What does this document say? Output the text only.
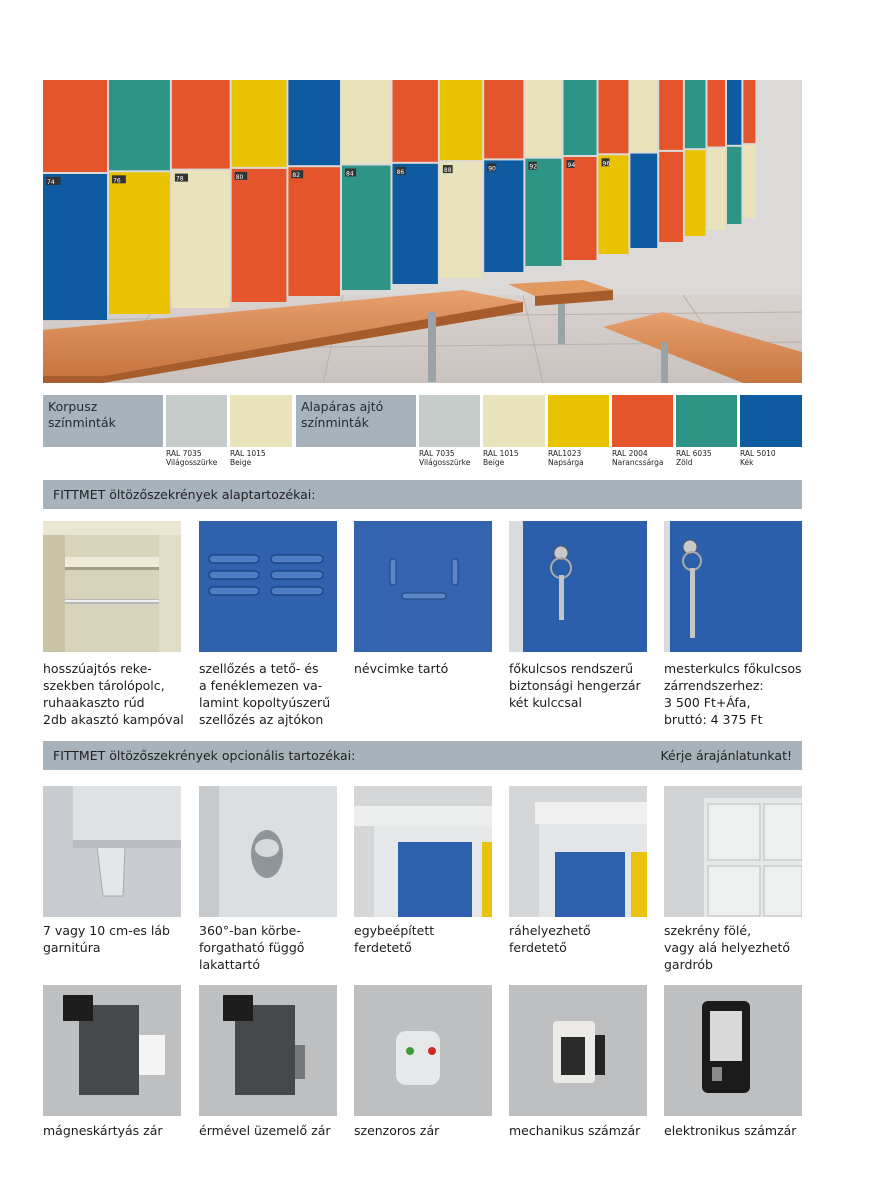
74	76	78	80	82	84	86	88	90	92	94	96
Korpusz
színminták
Alapáras ajtó
színminták
RAL 7035
Világosszürke
RAL 1015
Beige
RAL 7035
Világosszürke
RAL 1015
Beige
RAL1023
Napsárga
RAL 2004
Narancssárga
RAL 6035
Zöld
RAL 5010
Kék
FITTMET öltözőszekrények alaptartozékai:
hosszúajtós reke-
szekben tárolópolc,
ruhaakaszto rúd
2db akasztó kampóval
szellőzés a tető- és
a fenéklemezen va-
lamint kopoltyúszerű
szellőzés az ajtókon
névcimke tartó	főkulcsos rendszerű
biztonsági hengerzár
két kulccsal
mesterkulcs főkulcsos
zárrendszerhez:
3 500 Ft+Áfa,
bruttó: 4 375 Ft
FITTMET öltözőszekrények opcionális tartozékai:	Kérje árajánlatunkat!
7 vagy 10 cm-es láb
garnitúra
360°-ban körbe-
forgatható függő
lakattartó
egybeépített
ferdetető
ráhelyezhető
ferdetető
szekrény fölé,
vagy alá helyezhető
gardrób
mágneskártyás zár	érmével üzemelő zár	szenzoros zár	mechanikus számzár	elektronikus számzár
